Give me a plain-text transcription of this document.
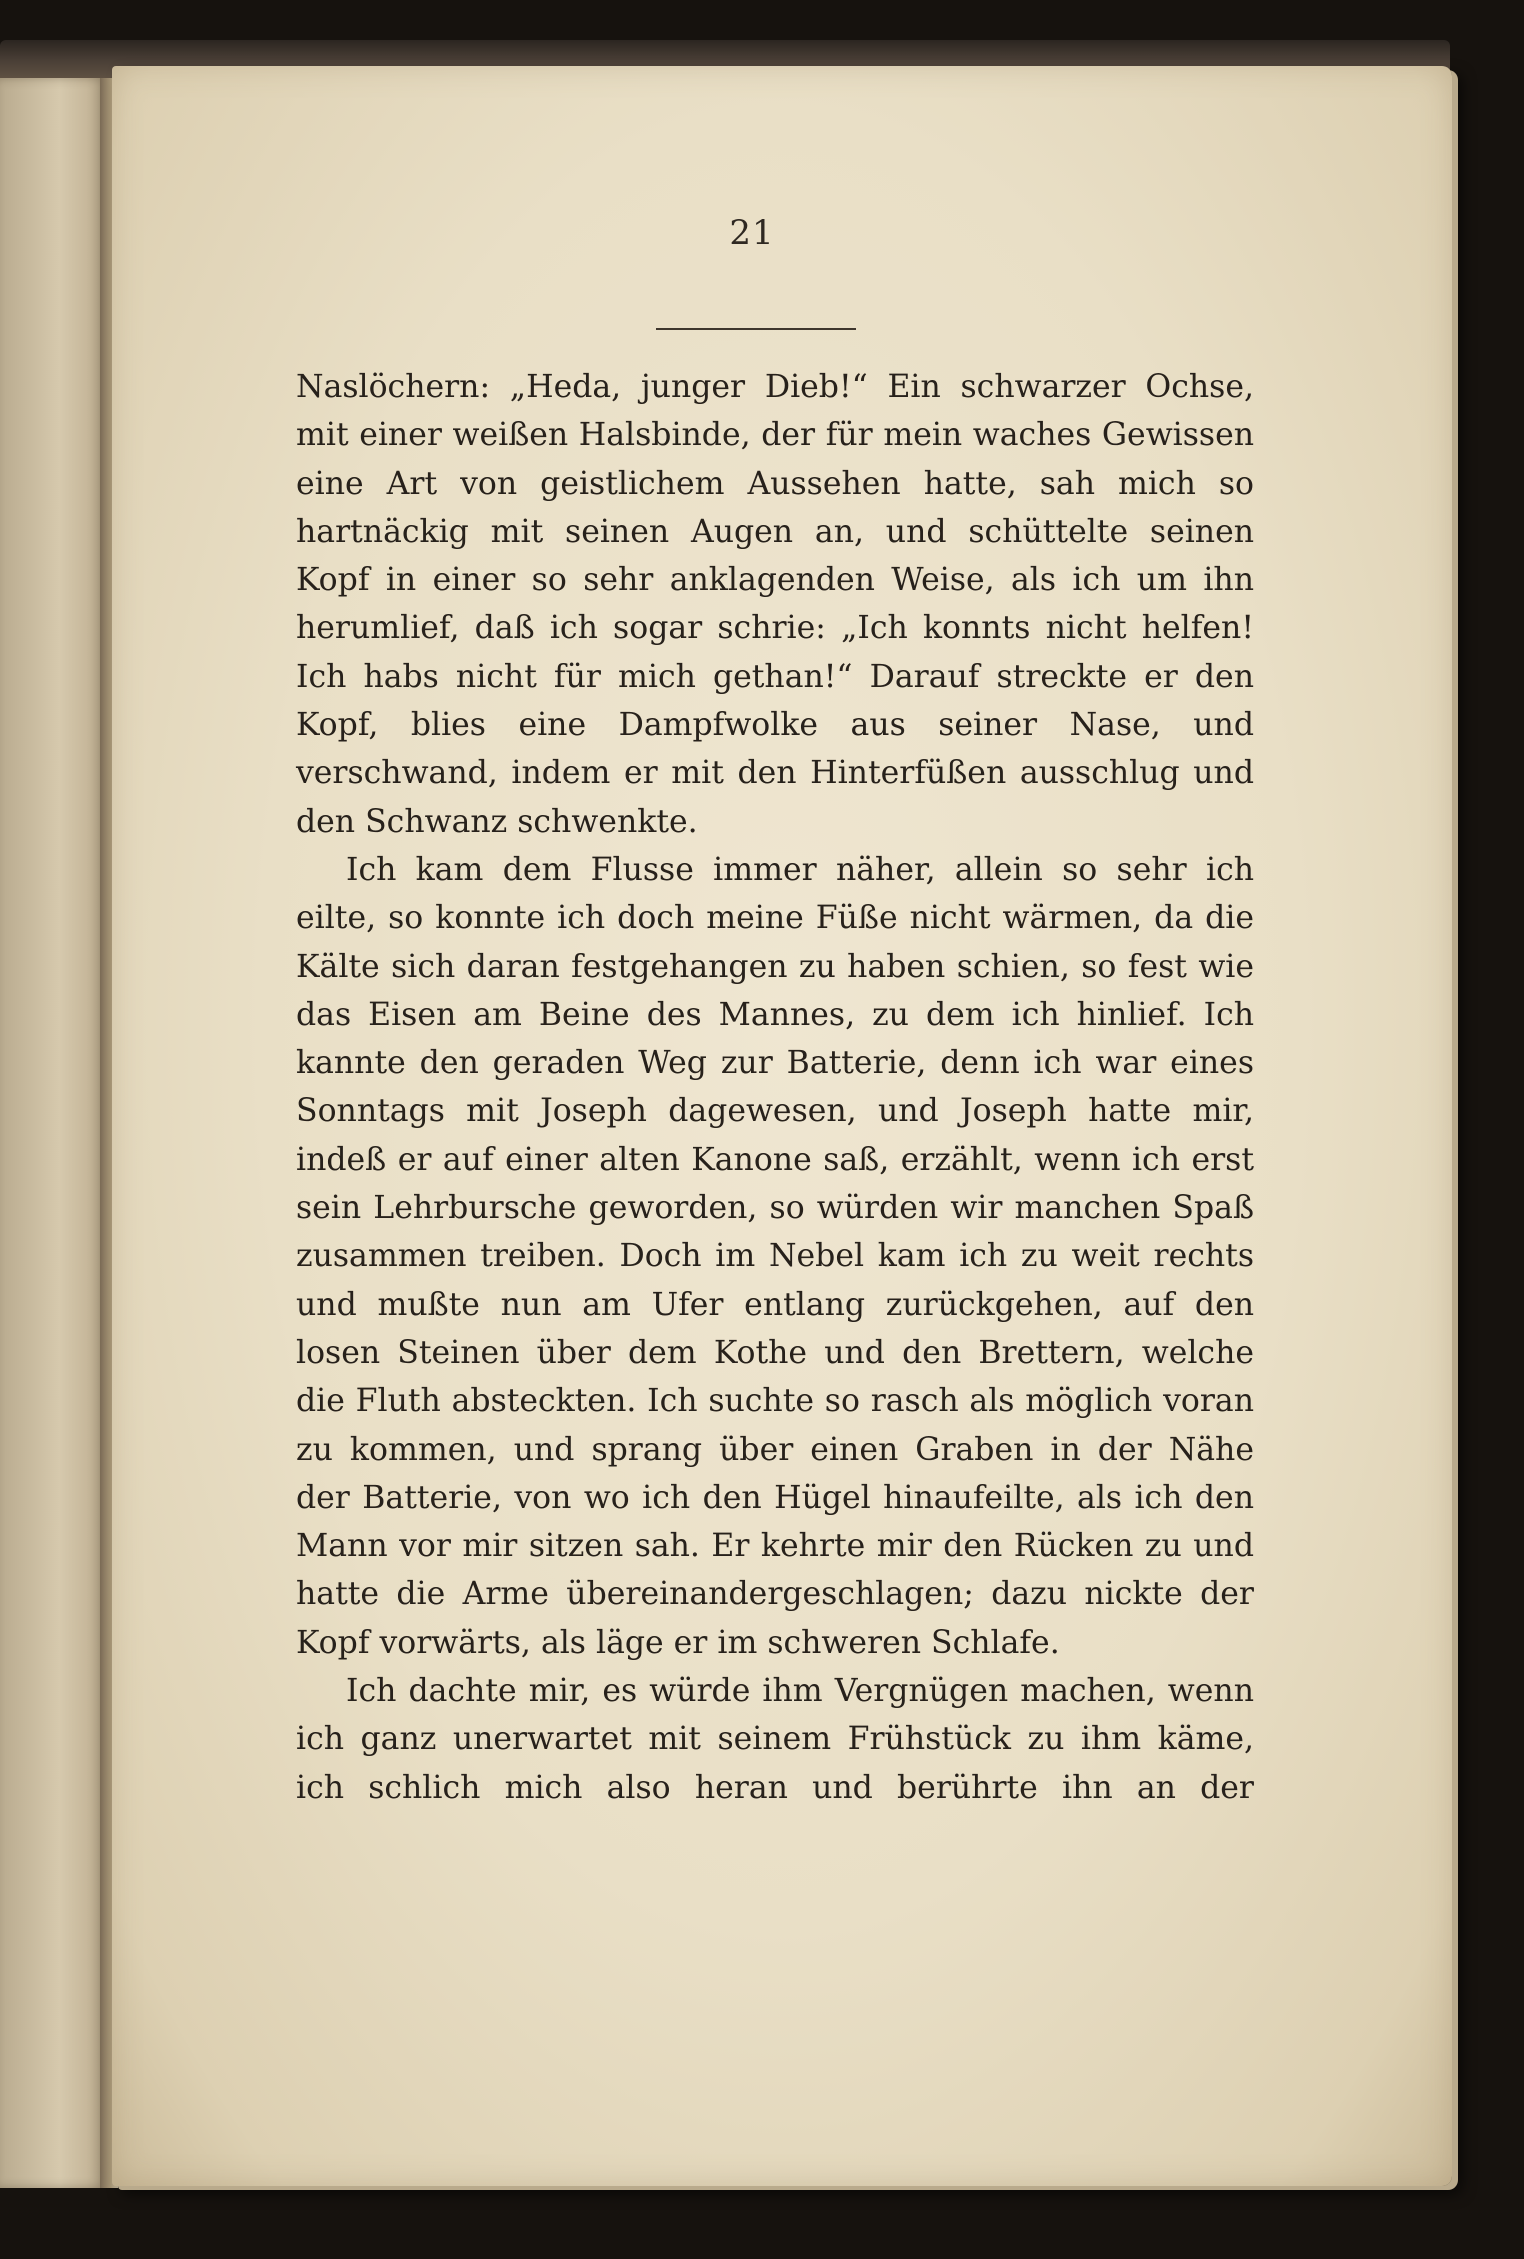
21

Naslöchern: „Heda, junger Dieb!“ Ein schwarzer Ochse, mit einer weißen Halsbinde, der für mein waches Gewissen eine Art von geistlichem Aussehen hatte, sah mich so hartnäckig mit seinen Augen an, und schüttelte seinen Kopf in einer so sehr anklagenden Weise, als ich um ihn herumlief, daß ich sogar schrie: „Ich konnts nicht helfen! Ich habs nicht für mich gethan!“ Darauf streckte er den Kopf, blies eine Dampfwolke aus seiner Nase, und verschwand, indem er mit den Hinterfüßen ausschlug und den Schwanz schwenkte.

Ich kam dem Flusse immer näher, allein so sehr ich eilte, so konnte ich doch meine Füße nicht wärmen, da die Kälte sich daran festgehangen zu haben schien, so fest wie das Eisen am Beine des Mannes, zu dem ich hinlief. Ich kannte den geraden Weg zur Batterie, denn ich war eines Sonntags mit Joseph dagewesen, und Joseph hatte mir, indeß er auf einer alten Kanone saß, erzählt, wenn ich erst sein Lehrbursche geworden, so würden wir manchen Spaß zusammen treiben. Doch im Nebel kam ich zu weit rechts und mußte nun am Ufer entlang zurückgehen, auf den losen Steinen über dem Kothe und den Brettern, welche die Fluth absteckten. Ich suchte so rasch als möglich voran zu kommen, und sprang über einen Graben in der Nähe der Batterie, von wo ich den Hügel hinaufeilte, als ich den Mann vor mir sitzen sah. Er kehrte mir den Rücken zu und hatte die Arme übereinandergeschlagen; dazu nickte der Kopf vorwärts, als läge er im schweren Schlafe.

Ich dachte mir, es würde ihm Vergnügen machen, wenn ich ganz unerwartet mit seinem Frühstück zu ihm käme, ich schlich mich also heran und berührte ihn an der
